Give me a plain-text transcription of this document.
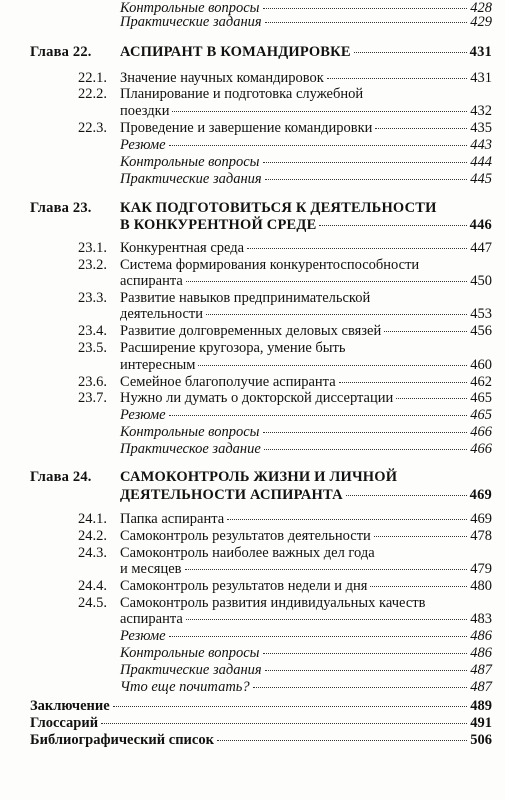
Контрольные вопросы	428
Практические задания	429
Глава 22. АСПИРАНТ В КОМАНДИРОВКЕ	431
22.1. Значение научных командировок	431
22.2. Планирование и подготовка служебной
поездки	432
22.3. Проведение и завершение командировки	435
Резюме	443
Контрольные вопросы	444
Практические задания	445
Глава 23. КАК ПОДГОТОВИТЬСЯ К ДЕЯТЕЛЬНОСТИ
В КОНКУРЕНТНОЙ СРЕДЕ	446
23.1. Конкурентная среда	447
23.2. Система формирования конкурентоспособности
аспиранта	450
23.3. Развитие навыков предпринимательской
деятельности	453
23.4. Развитие долговременных деловых связей	456
23.5. Расширение кругозора, умение быть
интересным	460
23.6. Семейное благополучие аспиранта	462
23.7. Нужно ли думать о докторской диссертации	465
Резюме	465
Контрольные вопросы	466
Практическое задание	466
Глава 24. САМОКОНТРОЛЬ ЖИЗНИ И ЛИЧНОЙ
ДЕЯТЕЛЬНОСТИ АСПИРАНТА	469
24.1. Папка аспиранта	469
24.2. Самоконтроль результатов деятельности	478
24.3. Самоконтроль наиболее важных дел года
и месяцев	479
24.4. Самоконтроль результатов недели и дня	480
24.5. Самоконтроль развития индивидуальных качеств
аспиранта	483
Резюме	486
Контрольные вопросы	486
Практические задания	487
Что еще почитать?	487
Заключение	489
Глоссарий	491
Библиографический список	506
